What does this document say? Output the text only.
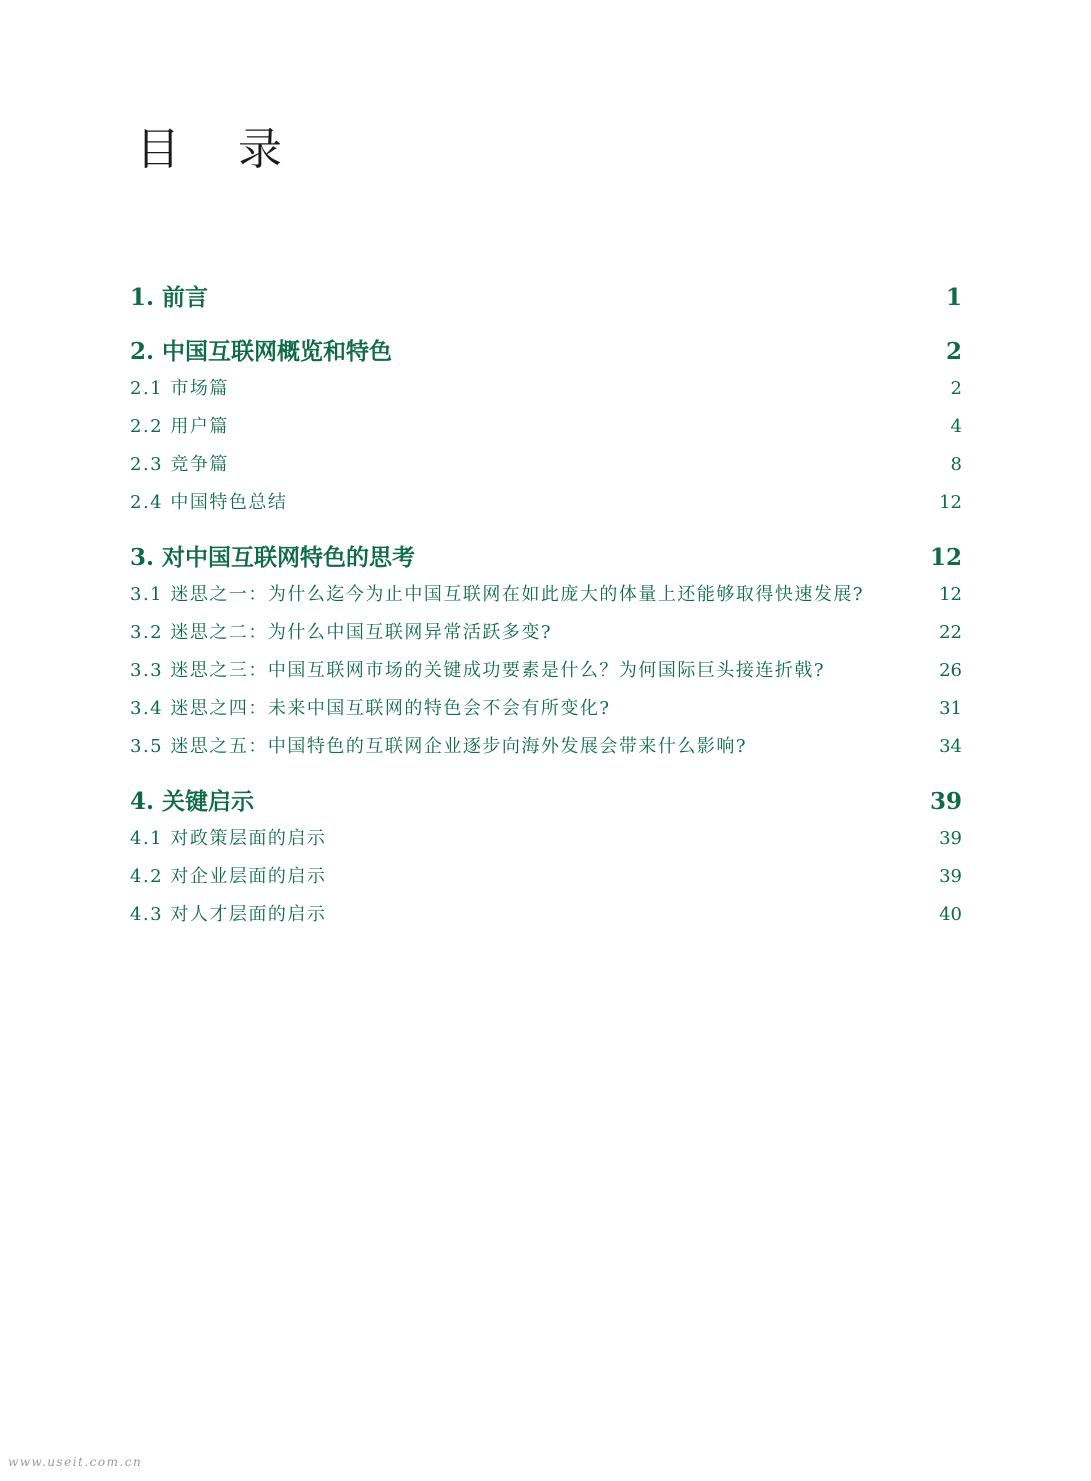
目 录
1. 前言	1
2. 中国互联网概览和特色	2
2.1 市场篇	2
2.2 用户篇	4
2.3 竞争篇	8
2.4 中国特色总结	12
3. 对中国互联网特色的思考	12
3.1 迷思之一：为什么迄今为止中国互联网在如此庞大的体量上还能够取得快速发展?	12
3.2 迷思之二：为什么中国互联网异常活跃多变?	22
3.3 迷思之三：中国互联网市场的关键成功要素是什么？为何国际巨头接连折戟?	26
3.4 迷思之四：未来中国互联网的特色会不会有所变化?	31
3.5 迷思之五：中国特色的互联网企业逐步向海外发展会带来什么影响?	34
4. 关键启示	39
4.1 对政策层面的启示	39
4.2 对企业层面的启示	39
4.3 对人才层面的启示	40
www.useit.com.cn
